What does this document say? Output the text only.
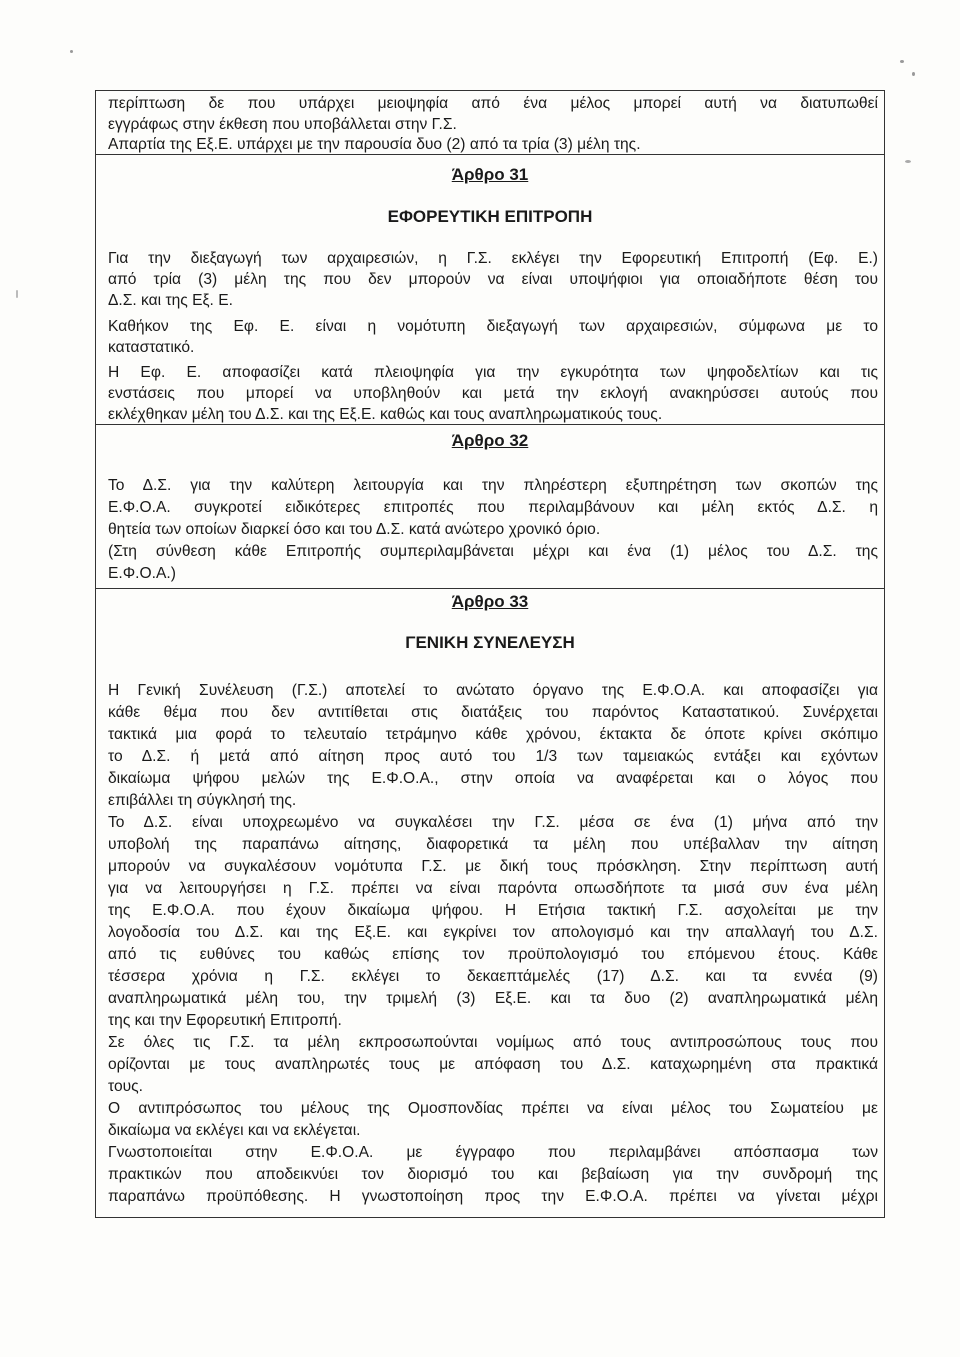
περίπτωση δε που υπάρχει μειοψηφία από ένα μέλος μπορεί αυτή να διατυπωθεί
εγγράφως στην έκθεση που υποβάλλεται στην Γ.Σ.
Απαρτία της Εξ.Ε. υπάρχει με την παρουσία δυο (2) από τα τρία (3) μέλη της.
Άρθρο 31
ΕΦΟΡΕΥΤΙΚΗ ΕΠΙΤΡΟΠΗ
Για την διεξαγωγή των αρχαιρεσιών, η Γ.Σ. εκλέγει την Εφορευτική Επιτροπή (Εφ. Ε.)
από τρία (3) μέλη της που δεν μπορούν να είναι υποψήφιοι για οποιαδήποτε θέση του
Δ.Σ. και της Εξ. Ε.
Καθήκον της Εφ. Ε. είναι η νομότυπη διεξαγωγή των αρχαιρεσιών, σύμφωνα με το
καταστατικό.
Η Εφ. Ε. αποφασίζει κατά πλειοψηφία για την εγκυρότητα των ψηφοδελτίων και τις
ενστάσεις που μπορεί να υποβληθούν και μετά την εκλογή ανακηρύσσει αυτούς που
εκλέχθηκαν μέλη του Δ.Σ. και της Εξ.Ε. καθώς και τους αναπληρωματικούς τους.
Άρθρο 32
Το Δ.Σ. για την καλύτερη λειτουργία και την πληρέστερη εξυπηρέτηση των σκοπών της
Ε.Φ.Ο.Α. συγκροτεί ειδικότερες επιτροπές που περιλαμβάνουν και μέλη εκτός Δ.Σ. η
θητεία των οποίων διαρκεί όσο και του Δ.Σ. κατά ανώτερο χρονικό όριο.
(Στη σύνθεση κάθε Επιτροπής συμπεριλαμβάνεται μέχρι και ένα (1) μέλος του Δ.Σ. της
Ε.Φ.Ο.Α.)
Άρθρο 33
ΓΕΝΙΚΗ ΣΥΝΕΛΕΥΣΗ
Η Γενική Συνέλευση (Γ.Σ.) αποτελεί το ανώτατο όργανο της Ε.Φ.Ο.Α. και αποφασίζει για
κάθε θέμα που δεν αντιτίθεται στις διατάξεις του παρόντος Καταστατικού. Συνέρχεται
τακτικά μια φορά το τελευταίο τετράμηνο κάθε χρόνου, έκτακτα δε όποτε κρίνει σκόπιμο
το Δ.Σ. ή μετά από αίτηση προς αυτό του 1/3 των ταμειακώς εντάξει και εχόντων
δικαίωμα ψήφου μελών της Ε.Φ.Ο.Α., στην οποία να αναφέρεται και ο λόγος που
επιβάλλει τη σύγκλησή της.
Το Δ.Σ. είναι υποχρεωμένο να συγκαλέσει την Γ.Σ. μέσα σε ένα (1) μήνα από την
υποβολή της παραπάνω αίτησης, διαφορετικά τα μέλη που υπέβαλλαν την αίτηση
μπορούν να συγκαλέσουν νομότυπα Γ.Σ. με δική τους πρόσκληση. Στην περίπτωση αυτή
για να λειτουργήσει η Γ.Σ. πρέπει να είναι παρόντα οπωσδήποτε τα μισά συν ένα μέλη
της Ε.Φ.Ο.Α. που έχουν δικαίωμα ψήφου. Η Ετήσια τακτική Γ.Σ. ασχολείται με την
λογοδοσία του Δ.Σ. και της Εξ.Ε. και εγκρίνει τον απολογισμό και την απαλλαγή του Δ.Σ.
από τις ευθύνες του καθώς επίσης τον προϋπολογισμό του επόμενου έτους. Κάθε
τέσσερα χρόνια η Γ.Σ. εκλέγει το δεκαεπτάμελές (17) Δ.Σ. και τα εννέα (9)
αναπληρωματικά μέλη του, την τριμελή (3) Εξ.Ε. και τα δυο (2) αναπληρωματικά μέλη
της και την Εφορευτική Επιτροπή.
Σε όλες τις Γ.Σ. τα μέλη εκπροσωπούνται νομίμως από τους αντιπροσώπους τους που
ορίζονται με τους αναπληρωτές τους με απόφαση του Δ.Σ. καταχωρημένη στα πρακτικά
τους.
Ο αντιπρόσωπος του μέλους της Ομοσπονδίας πρέπει να είναι μέλος του Σωματείου με
δικαίωμα να εκλέγει και να εκλέγεται.
Γνωστοποιείται στην Ε.Φ.Ο.Α. με έγγραφο που περιλαμβάνει απόσπασμα των
πρακτικών που αποδεικνύει τον διορισμό του και βεβαίωση για την συνδρομή της
παραπάνω προϋπόθεσης. Η γνωστοποίηση προς την Ε.Φ.Ο.Α. πρέπει να γίνεται μέχρι
